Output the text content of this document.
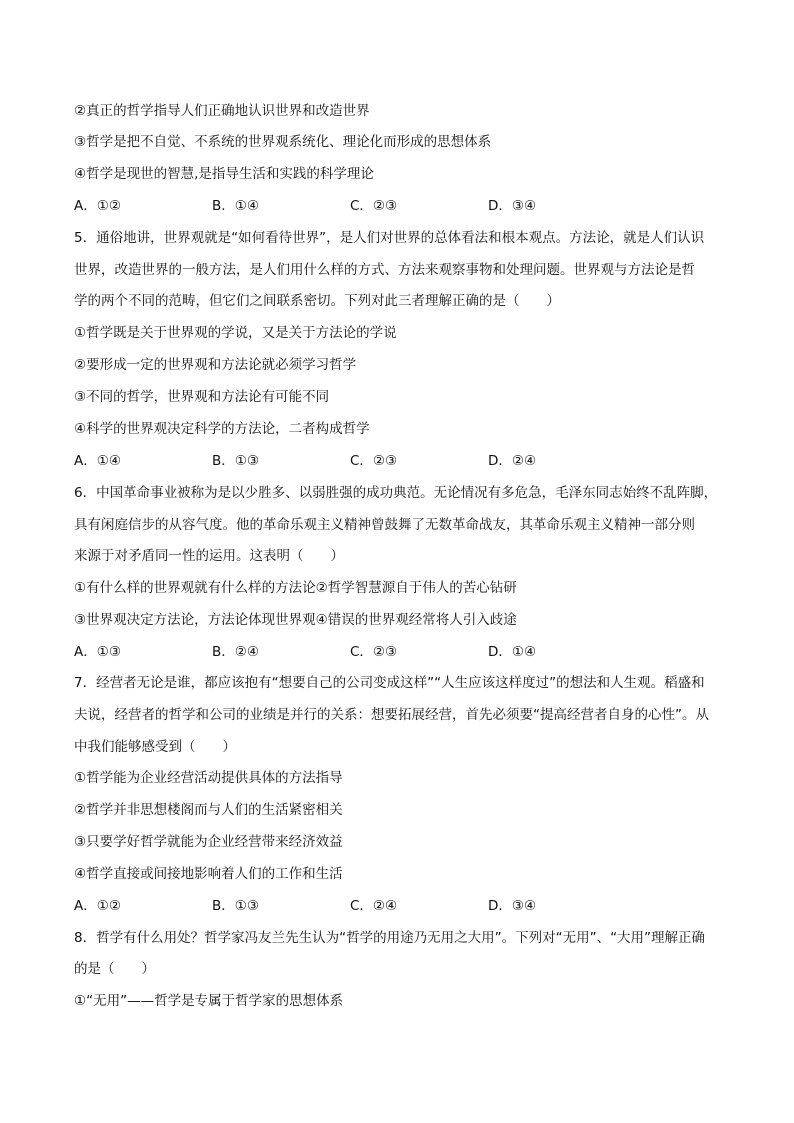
②真正的哲学指导人们正确地认识世界和改造世界
③哲学是把不自觉、不系统的世界观系统化、理论化而形成的思想体系
④哲学是现世的智慧,是指导生活和实践的科学理论
A．①②	B．①④	C．②③	D．③④
5．通俗地讲，世界观就是“如何看待世界”，是人们对世界的总体看法和根本观点。方法论，就是人们认识
世界，改造世界的一般方法，是人们用什么样的方式、方法来观察事物和处理问题。世界观与方法论是哲
学的两个不同的范畴，但它们之间联系密切。下列对此三者理解正确的是（　　）
①哲学既是关于世界观的学说，又是关于方法论的学说
②要形成一定的世界观和方法论就必须学习哲学
③不同的哲学，世界观和方法论有可能不同
④科学的世界观决定科学的方法论，二者构成哲学
A．①④	B．①③	C．②③	D．②④
6．中国革命事业被称为是以少胜多、以弱胜强的成功典范。无论情况有多危急，毛泽东同志始终不乱阵脚，
具有闲庭信步的从容气度。他的革命乐观主义精神曾鼓舞了无数革命战友，其革命乐观主义精神一部分则
来源于对矛盾同一性的运用。这表明（　　）
①有什么样的世界观就有什么样的方法论②哲学智慧源自于伟人的苦心钻研
③世界观决定方法论，方法论体现世界观④错误的世界观经常将人引入歧途
A．①③	B．②④	C．②③	D．①④
7．经营者无论是谁，都应该抱有“想要自己的公司变成这样”“人生应该这样度过”的想法和人生观。稻盛和
夫说，经营者的哲学和公司的业绩是并行的关系：想要拓展经营，首先必须要“提高经营者自身的心性”。从
中我们能够感受到（　　）
①哲学能为企业经营活动提供具体的方法指导
②哲学并非思想楼阁而与人们的生活紧密相关
③只要学好哲学就能为企业经营带来经济效益
④哲学直接或间接地影响着人们的工作和生活
A．①②	B．①③	C．②④	D．③④
8．哲学有什么用处？哲学家冯友兰先生认为“哲学的用途乃无用之大用”。下列对“无用”、“大用”理解正确
的是（　　）
①“无用”——哲学是专属于哲学家的思想体系
